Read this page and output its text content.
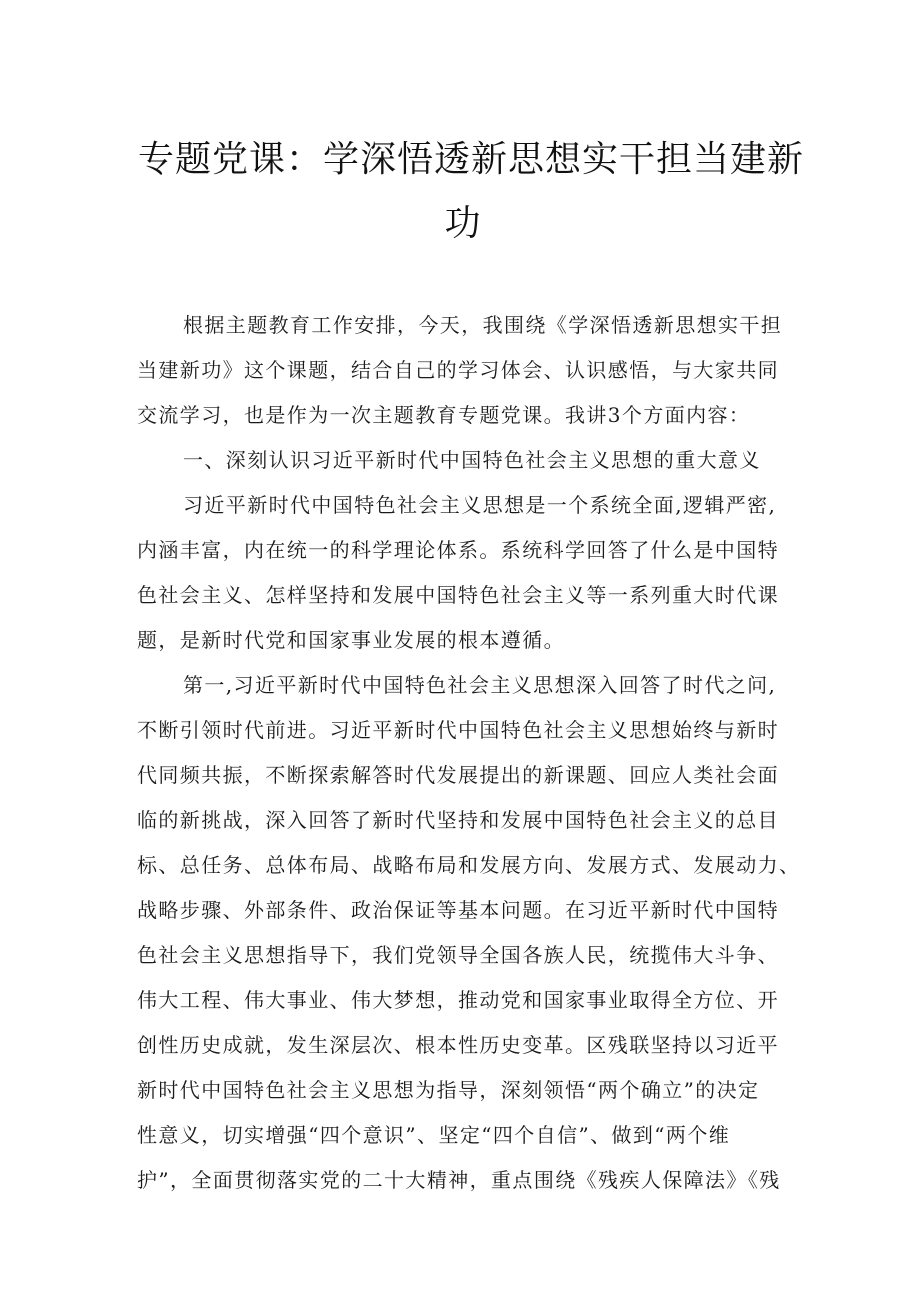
专题党课：学深悟透新思想实干担当建新
功
根据主题教育工作安排，今天，我围绕《学深悟透新思想实干担
当建新功》这个课题，结合自己的学习体会、认识感悟，与大家共同
交流学习，也是作为一次主题教育专题党课。我讲3个方面内容：
一、深刻认识习近平新时代中国特色社会主义思想的重大意义
习近平新时代中国特色社会主义思想是一个系统全面,逻辑严密,
内涵丰富，内在统一的科学理论体系。系统科学回答了什么是中国特
色社会主义、怎样坚持和发展中国特色社会主义等一系列重大时代课
题，是新时代党和国家事业发展的根本遵循。
第一,习近平新时代中国特色社会主义思想深入回答了时代之问,
不断引领时代前进。习近平新时代中国特色社会主义思想始终与新时
代同频共振，不断探索解答时代发展提出的新课题、回应人类社会面
临的新挑战，深入回答了新时代坚持和发展中国特色社会主义的总目
标、总任务、总体布局、战略布局和发展方向、发展方式、发展动力、
战略步骤、外部条件、政治保证等基本问题。在习近平新时代中国特
色社会主义思想指导下，我们党领导全国各族人民，统揽伟大斗争、
伟大工程、伟大事业、伟大梦想，推动党和国家事业取得全方位、开
创性历史成就，发生深层次、根本性历史变革。区残联坚持以习近平
新时代中国特色社会主义思想为指导，深刻领悟“两个确立”的决定
性意义，切实增强“四个意识”、坚定“四个自信”、做到“两个维
护”，全面贯彻落实党的二十大精神，重点围绕《残疾人保障法》《残
